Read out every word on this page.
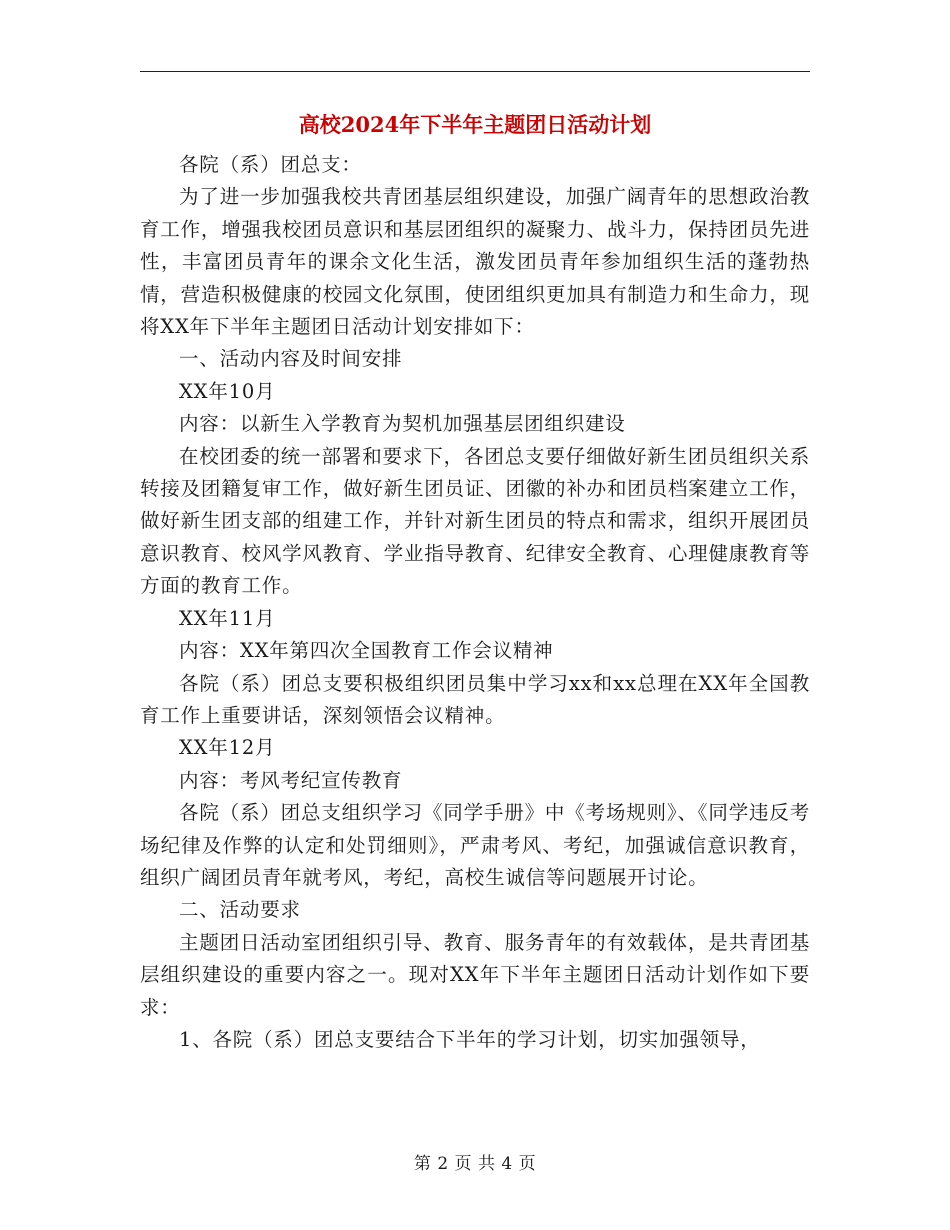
高校2024年下半年主题团日活动计划

各院（系）团总支：

为了进一步加强我校共青团基层组织建设，加强广阔青年的思想政治教育工作，增强我校团员意识和基层团组织的凝聚力、战斗力，保持团员先进性，丰富团员青年的课余文化生活，激发团员青年参加组织生活的蓬勃热情，营造积极健康的校园文化氛围，使团组织更加具有制造力和生命力，现将XX年下半年主题团日活动计划安排如下：

一、活动内容及时间安排

XX年10月

内容：以新生入学教育为契机加强基层团组织建设

在校团委的统一部署和要求下，各团总支要仔细做好新生团员组织关系转接及团籍复审工作，做好新生团员证、团徽的补办和团员档案建立工作，做好新生团支部的组建工作，并针对新生团员的特点和需求，组织开展团员意识教育、校风学风教育、学业指导教育、纪律安全教育、心理健康教育等方面的教育工作。

XX年11月

内容：XX年第四次全国教育工作会议精神

各院（系）团总支要积极组织团员集中学习xx和xx总理在XX年全国教育工作上重要讲话，深刻领悟会议精神。

XX年12月

内容：考风考纪宣传教育

各院（系）团总支组织学习《同学手册》中《考场规则》、《同学违反考场纪律及作弊的认定和处罚细则》，严肃考风、考纪，加强诚信意识教育，组织广阔团员青年就考风，考纪，高校生诚信等问题展开讨论。

二、活动要求

主题团日活动室团组织引导、教育、服务青年的有效载体，是共青团基层组织建设的重要内容之一。现对XX年下半年主题团日活动计划作如下要求：

1、各院（系）团总支要结合下半年的学习计划，切实加强领导，

第 2 页 共 4 页
